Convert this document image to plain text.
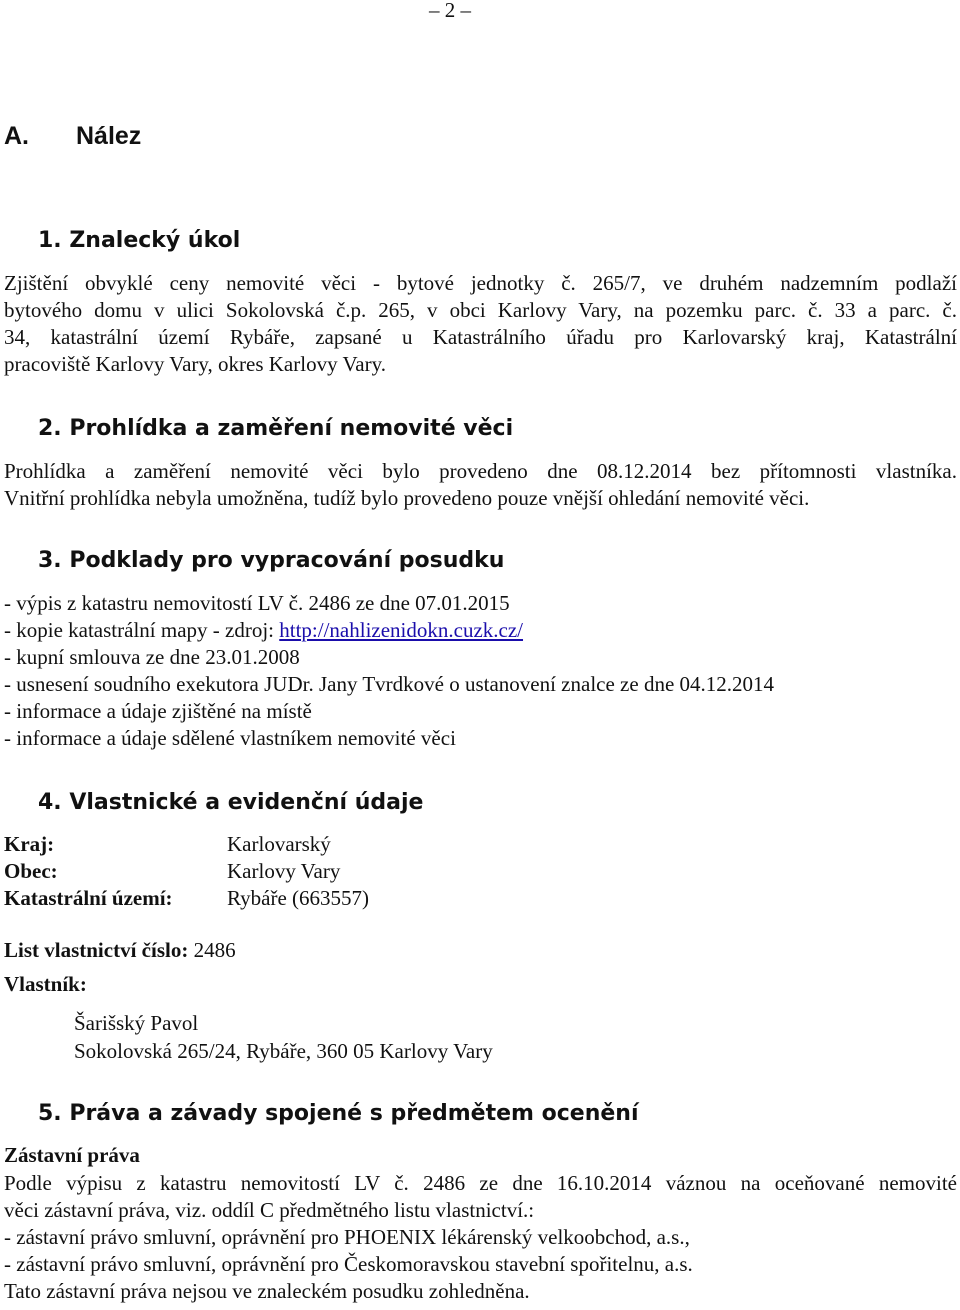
– 2 –
A. Nález
1. Znalecký úkol
Zjištění obvyklé ceny nemovité věci - bytové jednotky č. 265/7, ve druhém nadzemním podlaží
bytového domu v ulici Sokolovská č.p. 265, v obci Karlovy Vary, na pozemku parc. č. 33 a parc. č.
34, katastrální území Rybáře, zapsané u Katastrálního úřadu pro Karlovarský kraj, Katastrální
pracoviště Karlovy Vary, okres Karlovy Vary.
2. Prohlídka a zaměření nemovité věci
Prohlídka a zaměření nemovité věci bylo provedeno dne 08.12.2014 bez přítomnosti vlastníka.
Vnitřní prohlídka nebyla umožněna, tudíž bylo provedeno pouze vnější ohledání nemovité věci.
3. Podklady pro vypracování posudku
- výpis z katastru nemovitostí LV č. 2486 ze dne 07.01.2015
- kopie katastrální mapy - zdroj: http://nahlizenidokn.cuzk.cz/
- kupní smlouva ze dne 23.01.2008
- usnesení soudního exekutora JUDr. Jany Tvrdkové o ustanovení znalce ze dne 04.12.2014
- informace a údaje zjištěné na místě
- informace a údaje sdělené vlastníkem nemovité věci
4. Vlastnické a evidenční údaje
Kraj:	Karlovarský
Obec:	Karlovy Vary
Katastrální území:	Rybáře (663557)
List vlastnictví číslo: 2486
Vlastník:
Šarišský Pavol
Sokolovská 265/24, Rybáře, 360 05 Karlovy Vary
5. Práva a závady spojené s předmětem ocenění
Zástavní práva
Podle výpisu z katastru nemovitostí LV č. 2486 ze dne 16.10.2014 váznou na oceňované nemovité
věci zástavní práva, viz. oddíl C předmětného listu vlastnictví.:
- zástavní právo smluvní, oprávnění pro PHOENIX lékárenský velkoobchod, a.s.,
- zástavní právo smluvní, oprávnění pro Českomoravskou stavební spořitelnu, a.s.
Tato zástavní práva nejsou ve znaleckém posudku zohledněna.
